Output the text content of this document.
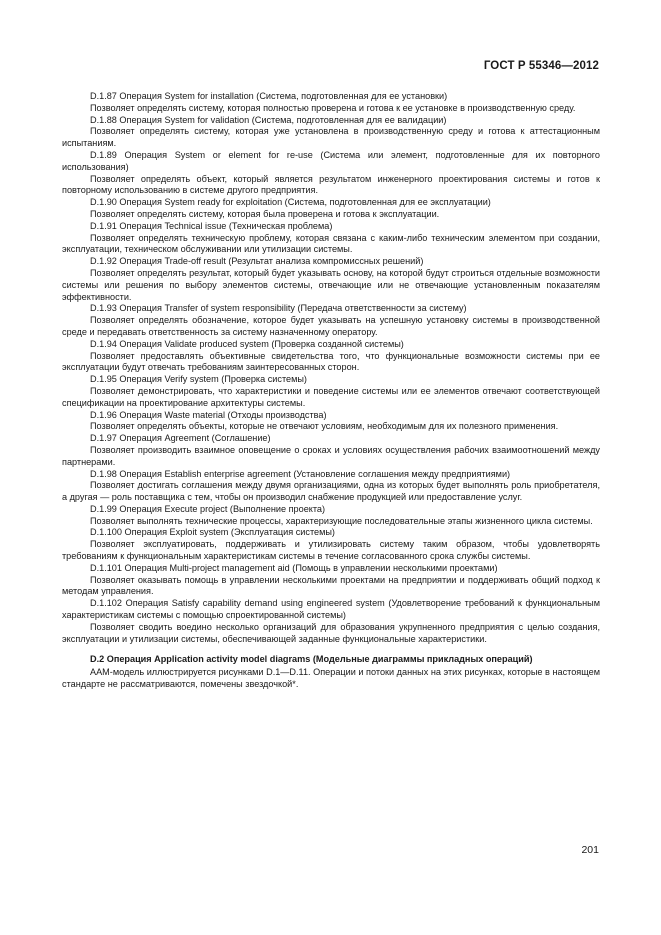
ГОСТ Р 55346—2012

D.1.87 Операция System for installation (Система, подготовленная для ее установки)

Позволяет определять систему, которая полностью проверена и готова к ее установке в производственную среду.

D.1.88 Операция System for validation (Система, подготовленная для ее валидации)

Позволяет определять систему, которая уже установлена в производственную среду и готова к аттестационным испытаниям.

D.1.89 Операция System or element for re-use (Система или элемент, подготовленные для их повторного использования)

Позволяет определять объект, который является результатом инженерного проектирования системы и готов к повторному использованию в системе другого предприятия.

D.1.90 Операция System ready for exploitation (Система, подготовленная для ее эксплуатации)

Позволяет определять систему, которая была проверена и готова к эксплуатации.

D.1.91 Операция Technical issue (Техническая проблема)

Позволяет определять техническую проблему, которая связана с каким-либо техническим элементом при создании, эксплуатации, техническом обслуживании или утилизации системы.

D.1.92 Операция Trade-off result (Результат анализа компромиссных решений)

Позволяет определять результат, который будет указывать основу, на которой будут строиться отдельные возможности системы или решения по выбору элементов системы, отвечающие или не отвечающие установленным показателям эффективности.

D.1.93 Операция Transfer of system responsibility (Передача ответственности за систему)

Позволяет определять обозначение, которое будет указывать на успешную установку системы в производственной среде и передавать ответственность за систему назначенному оператору.

D.1.94 Операция Validate produced system (Проверка созданной системы)

Позволяет предоставлять объективные свидетельства того, что функциональные возможности системы при ее эксплуатации будут отвечать требованиям заинтересованных сторон.

D.1.95 Операция Verify system (Проверка системы)

Позволяет демонстрировать, что характеристики и поведение системы или ее элементов отвечают соответствующей спецификации на проектирование архитектуры системы.

D.1.96 Операция Waste material (Отходы производства)

Позволяет определять объекты, которые не отвечают условиям, необходимым для их полезного применения.

D.1.97 Операция Agreement (Соглашение)

Позволяет производить взаимное оповещение о сроках и условиях осуществления рабочих взаимоотношений между партнерами.

D.1.98 Операция Establish enterprise agreement (Установление соглашения между предприятиями)

Позволяет достигать соглашения между двумя организациями, одна из которых будет выполнять роль приобретателя, а другая — роль поставщика с тем, чтобы он производил снабжение продукцией или предоставление услуг.

D.1.99 Операция Execute project (Выполнение проекта)

Позволяет выполнять технические процессы, характеризующие последовательные этапы жизненного цикла системы.

D.1.100 Операция Exploit system (Эксплуатация системы)

Позволяет эксплуатировать, поддерживать и утилизировать систему таким образом, чтобы удовлетворять требованиям к функциональным характеристикам системы в течение согласованного срока службы системы.

D.1.101 Операция Multi-project management aid (Помощь в управлении несколькими проектами)

Позволяет оказывать помощь в управлении несколькими проектами на предприятии и поддерживать общий подход к методам управления.

D.1.102 Операция Satisfy capability demand using engineered system (Удовлетворение требований к функциональным характеристикам системы с помощью спроектированной системы)

Позволяет сводить воедино несколько организаций для образования укрупненного предприятия с целью создания, эксплуатации и утилизации системы, обеспечивающей заданные функциональные характеристики.

D.2 Операция Application activity model diagrams (Модельные диаграммы прикладных операций)

ААМ-модель иллюстрируется рисунками D.1—D.11. Операции и потоки данных на этих рисунках, которые в настоящем стандарте не рассматриваются, помечены звездочкой*.

201
